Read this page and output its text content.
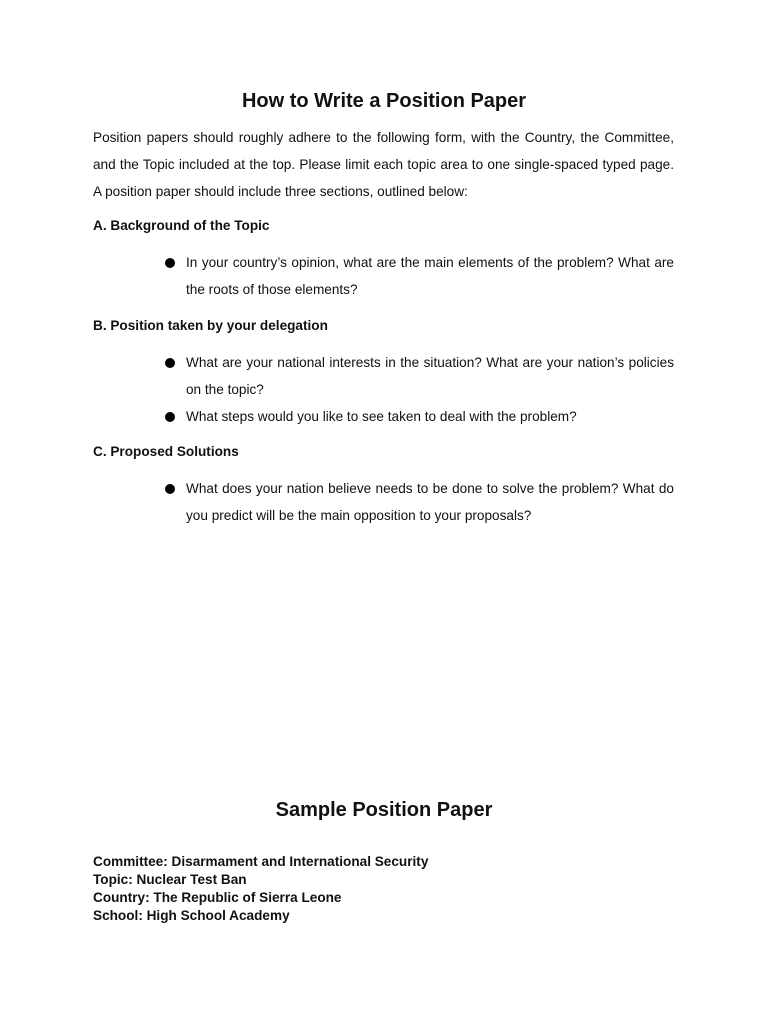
How to Write a Position Paper

Position papers should roughly adhere to the following form, with the Country, the Committee, and the Topic included at the top. Please limit each topic area to one single-spaced typed page. A position paper should include three sections, outlined below:

A. Background of the Topic
In your country’s opinion, what are the main elements of the problem? What are the roots of those elements?
B. Position taken by your delegation
What are your national interests in the situation? What are your nation’s policies on the topic?
What steps would you like to see taken to deal with the problem?
C. Proposed Solutions
What does your nation believe needs to be done to solve the problem? What do you predict will be the main opposition to your proposals?
Sample Position Paper
Committee: Disarmament and International Security
Topic: Nuclear Test Ban
Country: The Republic of Sierra Leone
School: High School Academy
